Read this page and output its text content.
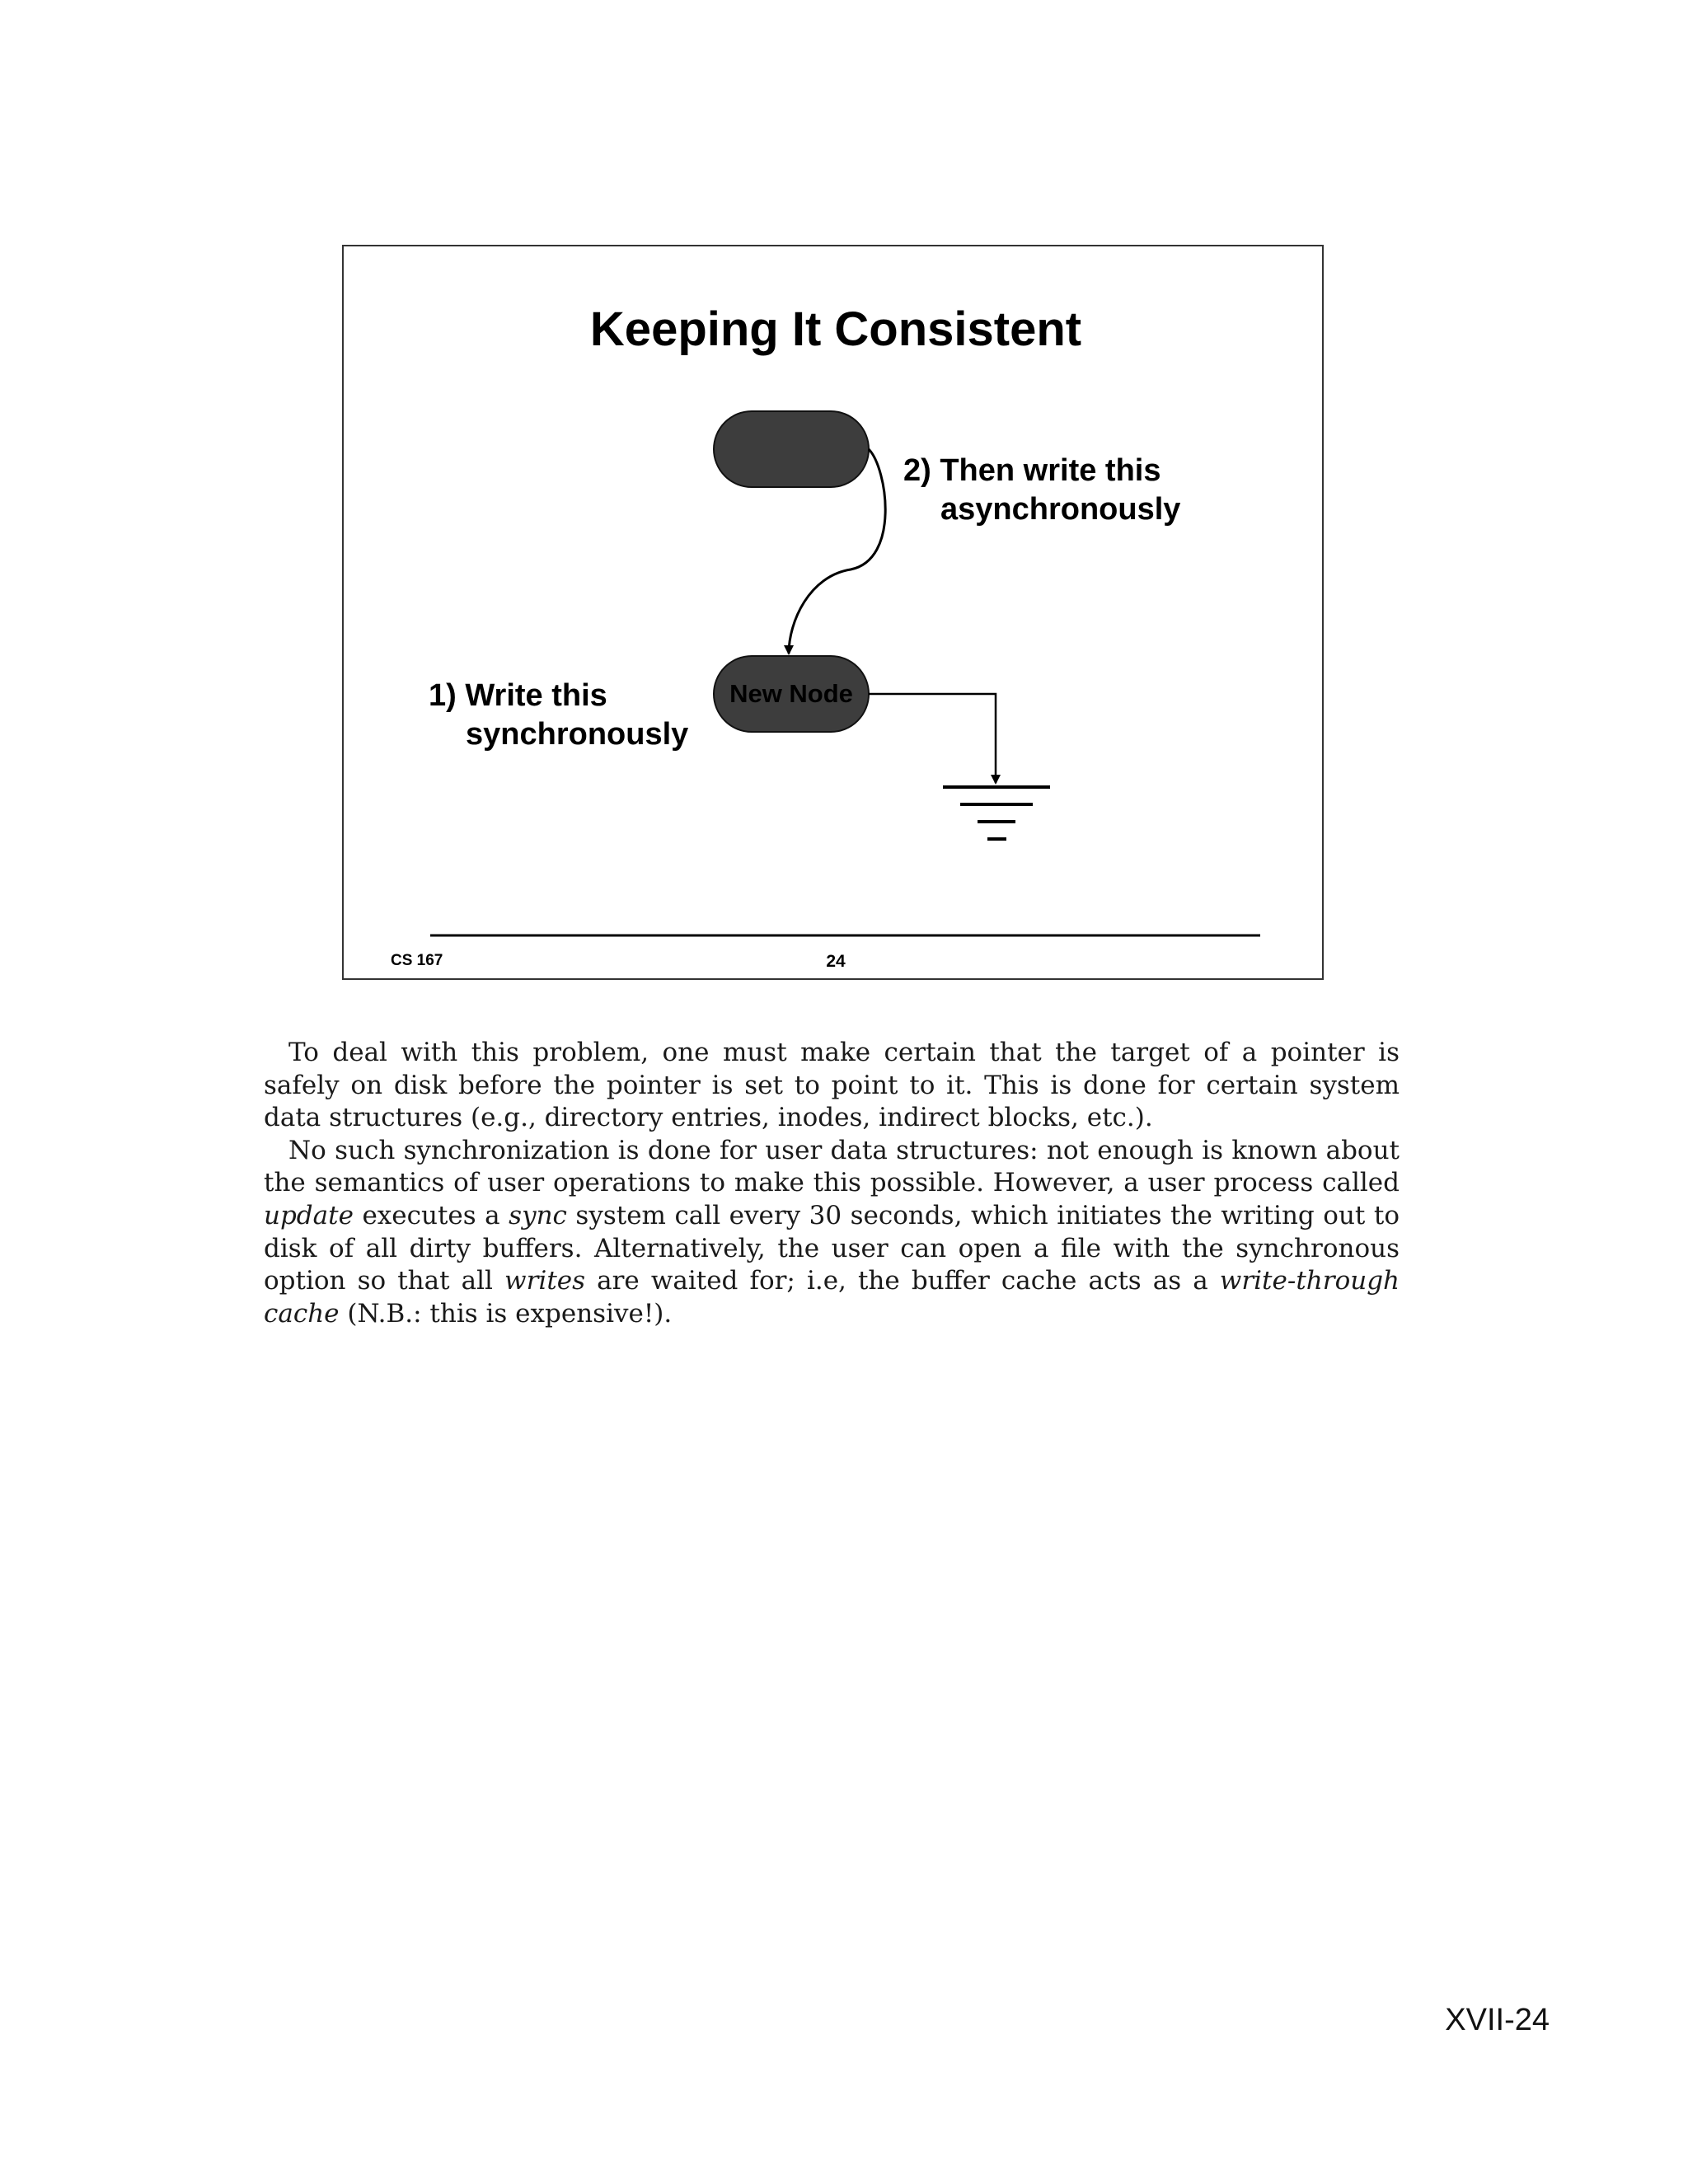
Keeping It Consistent
2) Then write this
asynchronously
New Node
1) Write this
synchronously
CS 167	24

To deal with this problem, one must make certain that the target of a pointer is safely on disk before the pointer is set to point to it. This is done for certain system data structures (e.g., directory entries, inodes, indirect blocks, etc.).

No such synchronization is done for user data structures: not enough is known about the semantics of user operations to make this possible. However, a user process called update executes a sync system call every 30 seconds, which initiates the writing out to disk of all dirty buffers. Alternatively, the user can open a file with the synchronous option so that all writes are waited for; i.e, the buffer cache acts as a write-through cache (N.B.: this is expensive!).

XVII-24
